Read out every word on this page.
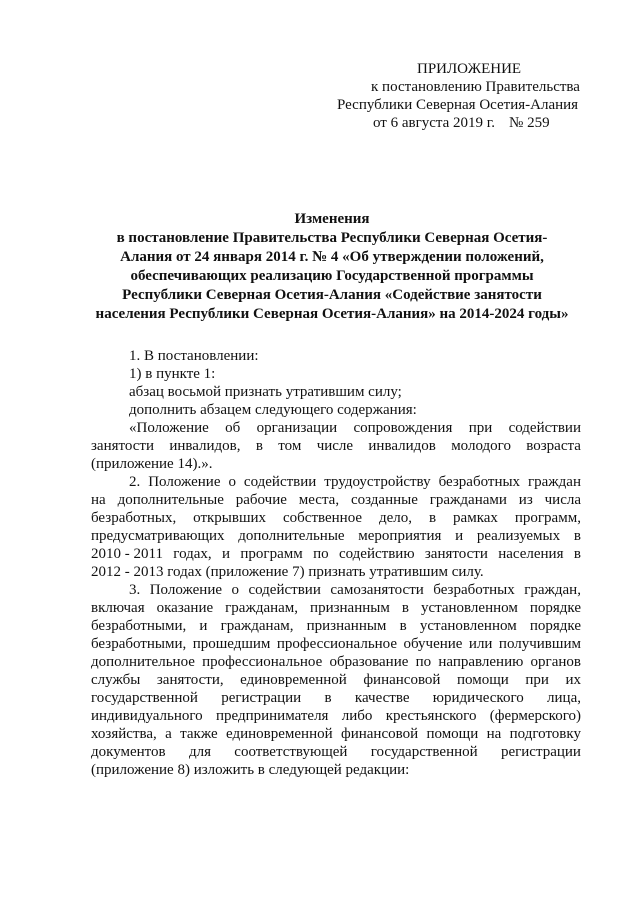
ПРИЛОЖЕНИЕ
к постановлению Правительства
Республики Северная Осетия-Алания
от 6 августа 2019 г. № 259
Изменения
в постановление Правительства Республики Северная Осетия-
Алания от 24 января 2014 г. № 4 «Об утверждении положений,
обеспечивающих реализацию Государственной программы
Республики Северная Осетия-Алания «Содействие занятости
населения Республики Северная Осетия-Алания» на 2014-2024 годы»
1. В постановлении:
1) в пункте 1:
абзац восьмой признать утратившим силу;
дополнить абзацем следующего содержания:
«Положение об организации сопровождения при содействии
занятости инвалидов, в том числе инвалидов молодого возраста
(приложение 14).».
2. Положение о содействии трудоустройству безработных граждан
на дополнительные рабочие места, созданные гражданами из числа
безработных, открывших собственное дело, в рамках программ,
предусматривающих дополнительные мероприятия и реализуемых в
2010 - 2011 годах, и программ по содействию занятости населения в
2012 - 2013 годах (приложение 7) признать утратившим силу.
3. Положение о содействии самозанятости безработных граждан,
включая оказание гражданам, признанным в установленном порядке
безработными, и гражданам, признанным в установленном порядке
безработными, прошедшим профессиональное обучение или получившим
дополнительное профессиональное образование по направлению органов
службы занятости, единовременной финансовой помощи при их
государственной регистрации в качестве юридического лица,
индивидуального предпринимателя либо крестьянского (фермерского)
хозяйства, а также единовременной финансовой помощи на подготовку
документов для соответствующей государственной регистрации
(приложение 8) изложить в следующей редакции:
